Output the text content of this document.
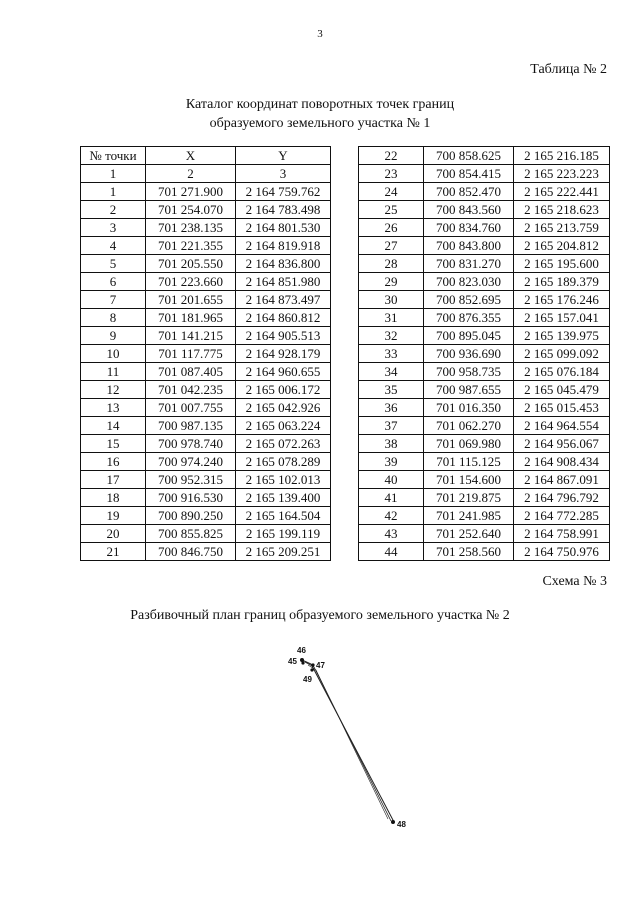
3
Таблица № 2
Каталог координат поворотных точек границ
образуемого земельного участка № 1
№ точки	X	Y
1	2	3
1	701 271.900	2 164 759.762
2	701 254.070	2 164 783.498
3	701 238.135	2 164 801.530
4	701 221.355	2 164 819.918
5	701 205.550	2 164 836.800
6	701 223.660	2 164 851.980
7	701 201.655	2 164 873.497
8	701 181.965	2 164 860.812
9	701 141.215	2 164 905.513
10	701 117.775	2 164 928.179
11	701 087.405	2 164 960.655
12	701 042.235	2 165 006.172
13	701 007.755	2 165 042.926
14	700 987.135	2 165 063.224
15	700 978.740	2 165 072.263
16	700 974.240	2 165 078.289
17	700 952.315	2 165 102.013
18	700 916.530	2 165 139.400
19	700 890.250	2 165 164.504
20	700 855.825	2 165 199.119
21	700 846.750	2 165 209.251
22	700 858.625	2 165 216.185
23	700 854.415	2 165 223.223
24	700 852.470	2 165 222.441
25	700 843.560	2 165 218.623
26	700 834.760	2 165 213.759
27	700 843.800	2 165 204.812
28	700 831.270	2 165 195.600
29	700 823.030	2 165 189.379
30	700 852.695	2 165 176.246
31	700 876.355	2 165 157.041
32	700 895.045	2 165 139.975
33	700 936.690	2 165 099.092
34	700 958.735	2 165 076.184
35	700 987.655	2 165 045.479
36	701 016.350	2 165 015.453
37	701 062.270	2 164 964.554
38	701 069.980	2 164 956.067
39	701 115.125	2 164 908.434
40	701 154.600	2 164 867.091
41	701 219.875	2 164 796.792
42	701 241.985	2 164 772.285
43	701 252.640	2 164 758.991
44	701 258.560	2 164 750.976
Схема № 3
Разбивочный план границ образуемого земельного участка № 2
46
45 47
49
48
